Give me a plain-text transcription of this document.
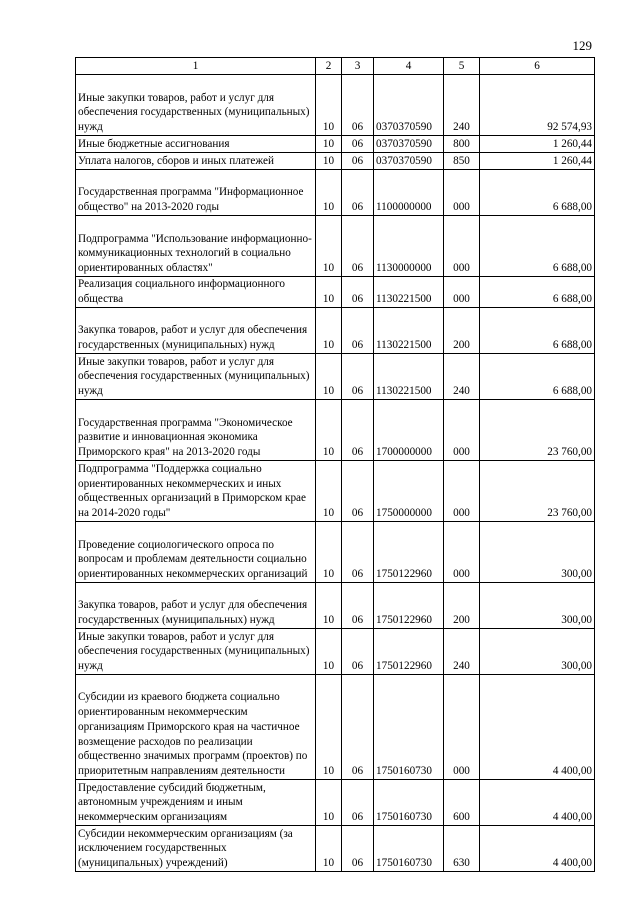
129
1	2	3	4	5	6
Иные закупки товаров, работ и услуг для обеспечения государственных (муниципальных) нужд	10	06	0370370590	240	92 574,93
Иные бюджетные ассигнования	10	06	0370370590	800	1 260,44
Уплата налогов, сборов и иных платежей	10	06	0370370590	850	1 260,44
Государственная программа "Информационное общество" на 2013-2020 годы	10	06	1100000000	000	6 688,00
Подпрограмма "Использование информационно-коммуникационных технологий в социально ориентированных областях"	10	06	1130000000	000	6 688,00
Реализация социального информационного общества	10	06	1130221500	000	6 688,00
Закупка товаров, работ и услуг для обеспечения государственных (муниципальных) нужд	10	06	1130221500	200	6 688,00
Иные закупки товаров, работ и услуг для обеспечения государственных (муниципальных) нужд	10	06	1130221500	240	6 688,00
Государственная программа "Экономическое развитие и инновационная экономика Приморского края" на 2013-2020 годы	10	06	1700000000	000	23 760,00
Подпрограмма "Поддержка социально ориентированных некоммерческих и иных общественных организаций в Приморском крае на 2014-2020 годы"	10	06	1750000000	000	23 760,00
Проведение социологического опроса по вопросам и проблемам деятельности социально ориентированных некоммерческих организаций	10	06	1750122960	000	300,00
Закупка товаров, работ и услуг для обеспечения государственных (муниципальных) нужд	10	06	1750122960	200	300,00
Иные закупки товаров, работ и услуг для обеспечения государственных (муниципальных) нужд	10	06	1750122960	240	300,00
Субсидии из краевого бюджета социально ориентированным некоммерческим организациям Приморского края на частичное возмещение расходов по реализации общественно значимых программ (проектов) по приоритетным направлениям деятельности	10	06	1750160730	000	4 400,00
Предоставление субсидий бюджетным, автономным учреждениям и иным некоммерческим организациям	10	06	1750160730	600	4 400,00
Субсидии некоммерческим организациям (за исключением государственных (муниципальных) учреждений)	10	06	1750160730	630	4 400,00
